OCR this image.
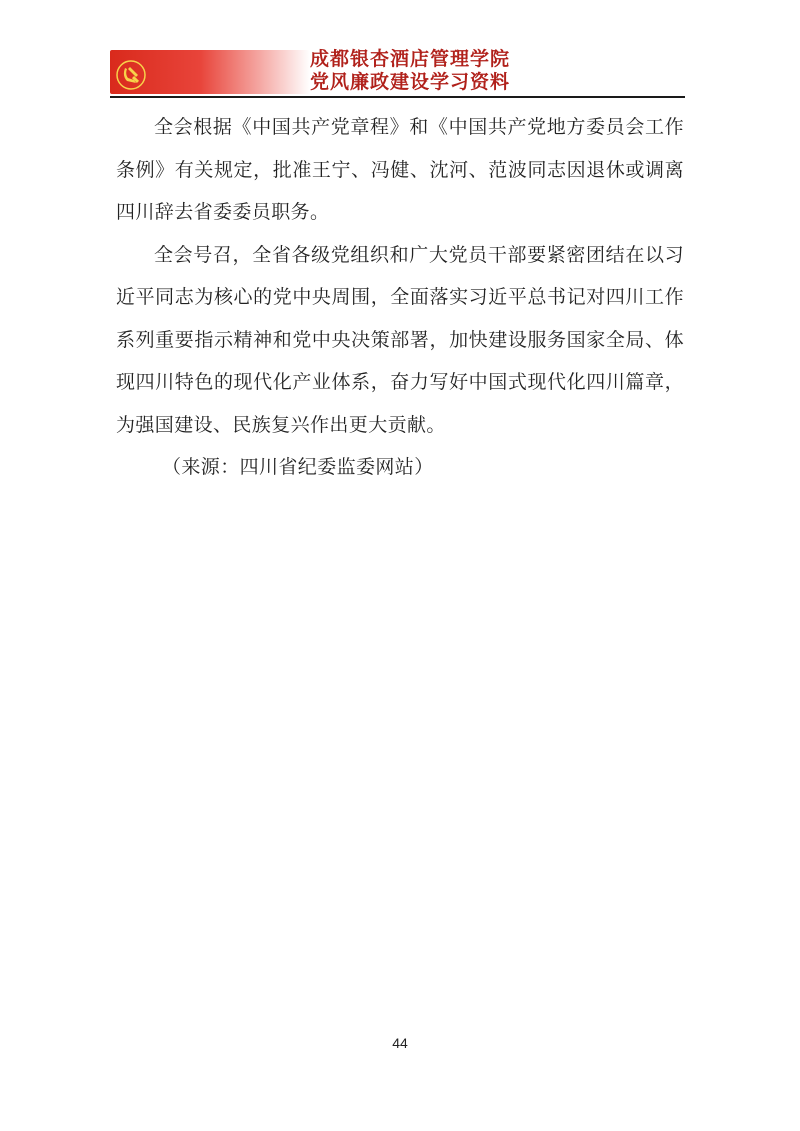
成都银杏酒店管理学院
党风廉政建设学习资料

全会根据《中国共产党章程》和《中国共产党地方委员会工作条例》有关规定，批准王宁、冯健、沈河、范波同志因退休或调离四川辞去省委委员职务。

全会号召，全省各级党组织和广大党员干部要紧密团结在以习近平同志为核心的党中央周围，全面落实习近平总书记对四川工作系列重要指示精神和党中央决策部署，加快建设服务国家全局、体现四川特色的现代化产业体系，奋力写好中国式现代化四川篇章，为强国建设、民族复兴作出更大贡献。

（来源：四川省纪委监委网站）

44
